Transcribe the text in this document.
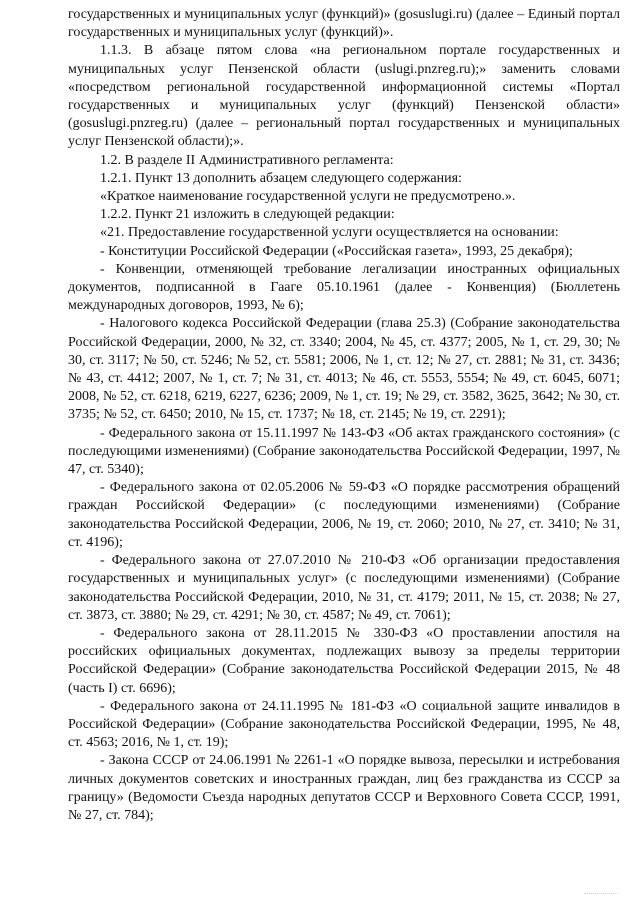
государственных и муниципальных услуг (функций)» (gosuslugi.ru) (далее – Единый портал государственных и муниципальных услуг (функций)».

1.1.3. В абзаце пятом слова «на региональном портале государственных и муниципальных услуг Пензенской области (uslugi.pnzreg.ru);» заменить словами «посредством региональной государственной информационной системы «Портал государственных и муниципальных услуг (функций) Пензенской области» (gosuslugi.pnzreg.ru) (далее – региональный портал государственных и муниципальных услуг Пензенской области);».

1.2. В разделе II Административного регламента:

1.2.1. Пункт 13 дополнить абзацем следующего содержания:

«Краткое наименование государственной услуги не предусмотрено.».

1.2.2. Пункт 21 изложить в следующей редакции:

«21. Предоставление государственной услуги осуществляется на основании:

- Конституции Российской Федерации («Российская газета», 1993, 25 декабря);

- Конвенции, отменяющей требование легализации иностранных официальных документов, подписанной в Гааге 05.10.1961 (далее - Конвенция) (Бюллетень международных договоров, 1993, № 6);

- Налогового кодекса Российской Федерации (глава 25.3) (Собрание законодательства Российской Федерации, 2000, № 32, ст. 3340; 2004, № 45, ст. 4377; 2005, № 1, ст. 29, 30; № 30, ст. 3117; № 50, ст. 5246; № 52, ст. 5581; 2006, № 1, ст. 12; № 27, ст. 2881; № 31, ст. 3436; № 43, ст. 4412; 2007, № 1, ст. 7; № 31, ст. 4013; № 46, ст. 5553, 5554; № 49, ст. 6045, 6071; 2008, № 52, ст. 6218, 6219, 6227, 6236; 2009, № 1, ст. 19; № 29, ст. 3582, 3625, 3642; № 30, ст. 3735; № 52, ст. 6450; 2010, № 15, ст. 1737; № 18, ст. 2145; № 19, ст. 2291);

- Федерального закона от 15.11.1997 № 143-ФЗ «Об актах гражданского состояния» (с последующими изменениями) (Собрание законодательства Российской Федерации, 1997, № 47, ст. 5340);

- Федерального закона от 02.05.2006 № 59-ФЗ «О порядке рассмотрения обращений граждан Российской Федерации» (с последующими изменениями) (Собрание законодательства Российской Федерации, 2006, № 19, ст. 2060; 2010, № 27, ст. 3410; № 31, ст. 4196);

- Федерального закона от 27.07.2010 № 210-ФЗ «Об организации предоставления государственных и муниципальных услуг» (с последующими изменениями) (Собрание законодательства Российской Федерации, 2010, № 31, ст. 4179; 2011, № 15, ст. 2038; № 27, ст. 3873, ст. 3880; № 29, ст. 4291; № 30, ст. 4587; № 49, ст. 7061);

- Федерального закона от 28.11.2015 № 330-ФЗ «О проставлении апостиля на российских официальных документах, подлежащих вывозу за пределы территории Российской Федерации» (Собрание законодательства Российской Федерации 2015, № 48 (часть I) ст. 6696);

- Федерального закона от 24.11.1995 № 181-ФЗ «О социальной защите инвалидов в Российской Федерации» (Собрание законодательства Российской Федерации, 1995, № 48, ст. 4563; 2016, № 1, ст. 19);

- Закона СССР от 24.06.1991 № 2261-1 «О порядке вывоза, пересылки и истребования личных документов советских и иностранных граждан, лиц без гражданства из СССР за границу» (Ведомости Съезда народных депутатов СССР и Верховного Совета СССР, 1991, № 27, ст. 784);
